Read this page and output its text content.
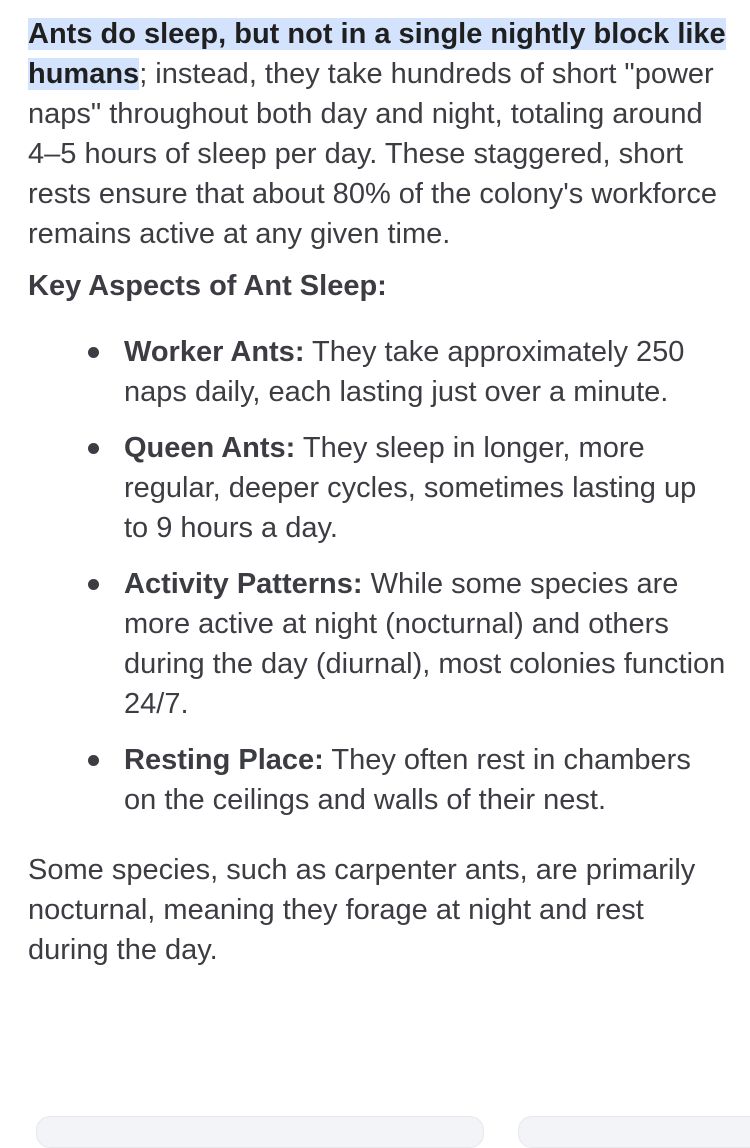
Ants do sleep, but not in a single nightly block like humans; instead, they take hundreds of short "power naps" throughout both day and night, totaling around 4–5 hours of sleep per day. These staggered, short rests ensure that about 80% of the colony's workforce remains active at any given time.

Key Aspects of Ant Sleep:
Worker Ants: They take approximately 250 naps daily, each lasting just over a minute.
Queen Ants: They sleep in longer, more regular, deeper cycles, sometimes lasting up to 9 hours a day.
Activity Patterns: While some species are more active at night (nocturnal) and others during the day (diurnal), most colonies function 24/7.
Resting Place: They often rest in chambers on the ceilings and walls of their nest.

Some species, such as carpenter ants, are primarily nocturnal, meaning they forage at night and rest during the day.
